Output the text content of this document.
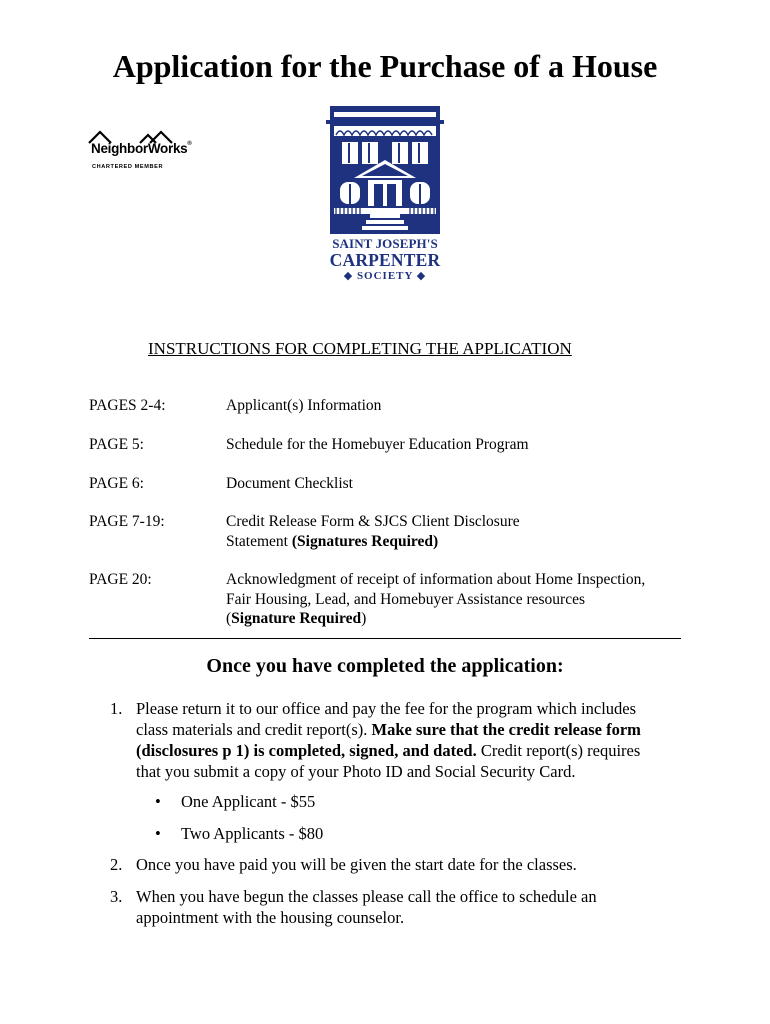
Application for the Purchase of a House
NeighborWorks®
CHARTERED MEMBER
SAINT JOSEPH'S
CARPENTER
◆ SOCIETY ◆
INSTRUCTIONS FOR COMPLETING THE APPLICATION
PAGES 2-4:	Applicant(s) Information
PAGE 5:	Schedule for the Homebuyer Education Program
PAGE 6:	Document Checklist
PAGE 7-19:	Credit Release Form & SJCS Client Disclosure
Statement (Signatures Required)
PAGE 20:	Acknowledgment of receipt of information about Home Inspection,
Fair Housing, Lead, and Homebuyer Assistance resources
(Signature Required)
Once you have completed the application:
1. Please return it to our office and pay the fee for the program which includes
class materials and credit report(s). Make sure that the credit release form
(disclosures p 1) is completed, signed, and dated. Credit report(s) requires
that you submit a copy of your Photo ID and Social Security Card.
• One Applicant - $55
• Two Applicants - $80
2. Once you have paid you will be given the start date for the classes.
3. When you have begun the classes please call the office to schedule an
appointment with the housing counselor.
